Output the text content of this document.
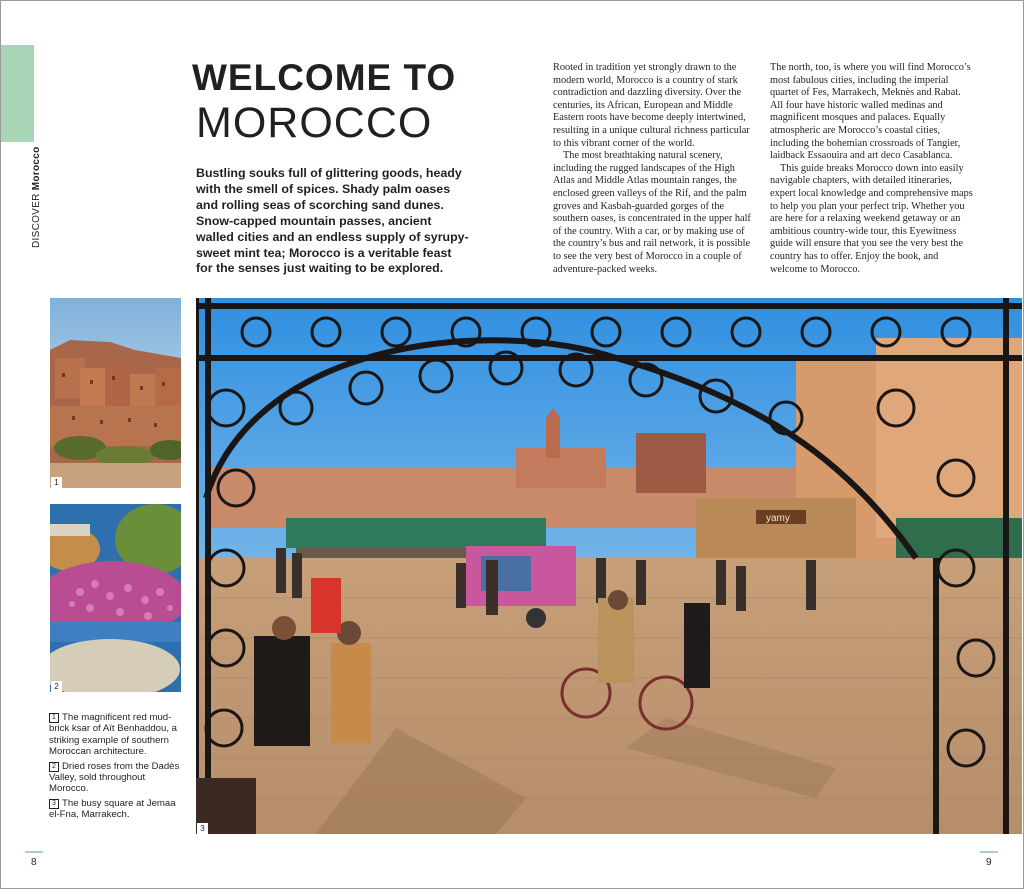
DISCOVER Morocco
WELCOME TO
MOROCCO
Bustling souks full of glittering goods, heady with the smell of spices. Shady palm oases and rolling seas of scorching sand dunes. Snow-capped mountain passes, ancient walled cities and an endless supply of syrupy-sweet mint tea; Morocco is a veritable feast for the senses just waiting to be explored.

Rooted in tradition yet strongly drawn to the modern world, Morocco is a country of stark contradiction and dazzling diversity. Over the centuries, its African, European and Middle Eastern roots have become deeply intertwined, resulting in a unique cultural richness particular to this vibrant corner of the world.

The most breathtaking natural scenery, including the rugged landscapes of the High Atlas and Middle Atlas mountain ranges, the enclosed green valleys of the Rif, and the palm groves and Kasbah-guarded gorges of the southern oases, is concentrated in the upper half of the country. With a car, or by making use of the country’s bus and rail network, it is possible to see the very best of Morocco in a couple of adventure-packed weeks.

The north, too, is where you will find Morocco’s most fabulous cities, including the imperial quartet of Fes, Marrakech, Meknès and Rabat. All four have historic walled medinas and magnificent mosques and palaces. Equally atmospheric are Morocco’s coastal cities, including the bohemian crossroads of Tangier, laidback Essaouira and art deco Casablanca.

This guide breaks Morocco down into easily navigable chapters, with detailed itineraries, expert local knowledge and comprehensive maps to help you plan your perfect trip. Whether you are here for a relaxing weekend getaway or an ambitious country-wide tour, this Eyewitness guide will ensure that you see the very best the country has to offer. Enjoy the book, and welcome to Morocco.

1
2
yamy
3

1 The magnificent red mud-brick ksar of Aït Benhaddou, a striking example of southern Moroccan architecture.

2 Dried roses from the Dadès Valley, sold throughout Morocco.

3 The busy square at Jemaa el-Fna, Marrakech.

8	9
